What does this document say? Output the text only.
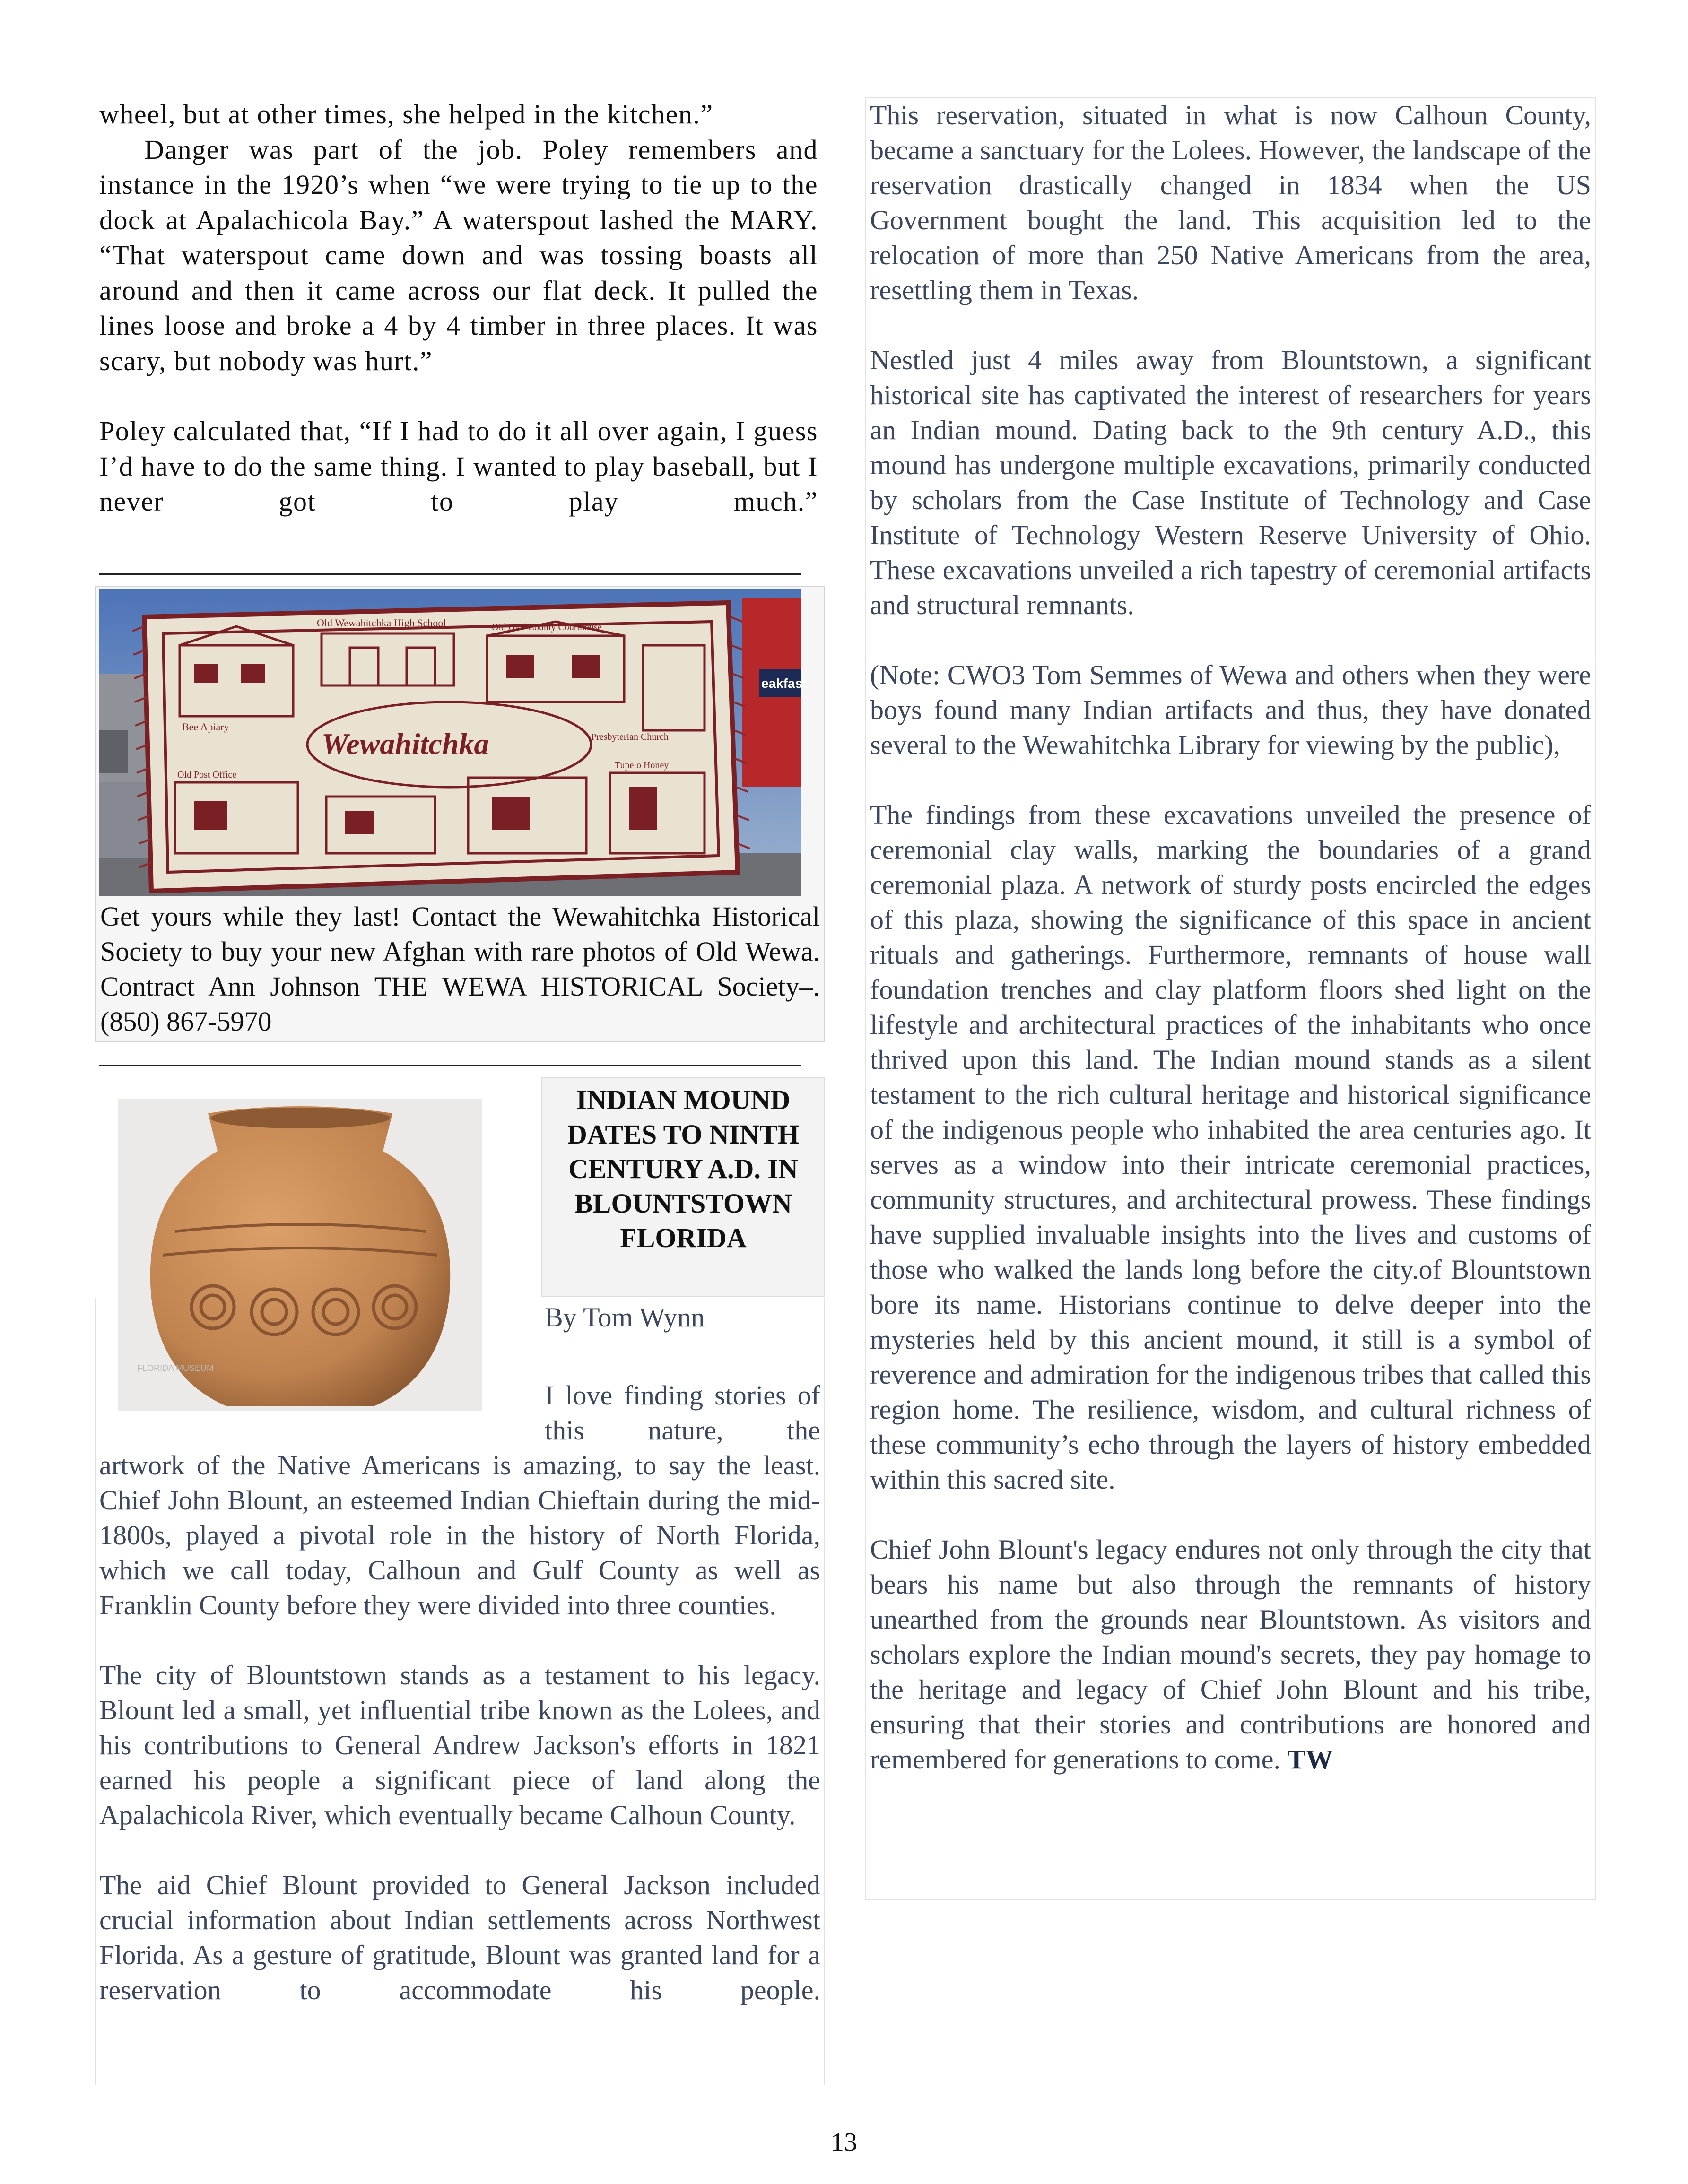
wheel, but at other times, she helped in the kitchen.”

Danger was part of the job. Poley remembers and instance in the 1920’s when “we were trying to tie up to the dock at Apalachicola Bay.” A waterspout lashed the MARY. “That waterspout came down and was tossing boasts all around and then it came across our flat deck. It pulled the lines loose and broke a 4 by 4 timber in three places. It was scary, but nobody was hurt.”

Poley calculated that, “If I had to do it all over again, I guess I’d have to do the same thing. I wanted to play baseball, but I never got to play much.”

eakfast
Old Wewahitchka High School	Old Gulf County Courthouse
Bee Apiary
Wewahitchka	Presbyterian Church
Old Post Office
Tupelo Honey
Get yours while they last! Contact the Wewahitchka Historical Society to buy your new Afghan with rare photos of Old Wewa. Contract Ann Johnson THE WEWA HISTORICAL Society–.(850) 867-5970
FLORIDA MUSEUM
INDIAN MOUND DATES TO NINTH CENTURY A.D. IN BLOUNTSTOWN FLORIDA
By Tom Wynn
I love finding stories of this nature, the

artwork of the Native Americans is amazing, to say the least. Chief John Blount, an esteemed Indian Chieftain during the mid-1800s, played a pivotal role in the history of North Florida, which we call today, Calhoun and Gulf County as well as Franklin County before they were divided into three counties.

The city of Blountstown stands as a testament to his legacy. Blount led a small, yet influential tribe known as the Lolees, and his contributions to General Andrew Jackson's efforts in 1821 earned his people a significant piece of land along the Apalachicola River, which eventually became Calhoun County.

The aid Chief Blount provided to General Jackson included crucial information about Indian settlements across Northwest Florida. As a gesture of gratitude, Blount was granted land for a reservation to accommodate his people.

This reservation, situated in what is now Calhoun County, became a sanctuary for the Lolees. However, the landscape of the reservation drastically changed in 1834 when the US Government bought the land. This acquisition led to the relocation of more than 250 Native Americans from the area, resettling them in Texas.

Nestled just 4 miles away from Blountstown, a significant historical site has captivated the interest of researchers for years an Indian mound. Dating back to the 9th century A.D., this mound has undergone multiple excavations, primarily conducted by scholars from the Case Institute of Technology and Case Institute of Technology Western Reserve University of Ohio. These excavations unveiled a rich tapestry of ceremonial artifacts and structural remnants.

(Note: CWO3 Tom Semmes of Wewa and others when they were boys found many Indian artifacts and thus, they have donated several to the Wewahitchka Library for viewing by the public),

The findings from these excavations unveiled the presence of ceremonial clay walls, marking the boundaries of a grand ceremonial plaza. A network of sturdy posts encircled the edges of this plaza, showing the significance of this space in ancient rituals and gatherings. Furthermore, remnants of house wall foundation trenches and clay platform floors shed light on the lifestyle and architectural practices of the inhabitants who once thrived upon this land. The Indian mound stands as a silent testament to the rich cultural heritage and historical significance of the indigenous people who inhabited the area centuries ago. It serves as a window into their intricate ceremonial practices, community structures, and architectural prowess. These findings have supplied invaluable insights into the lives and customs of those who walked the lands long before the city.of Blountstown bore its name. Historians continue to delve deeper into the mysteries held by this ancient mound, it still is a symbol of reverence and admiration for the indigenous tribes that called this region home. The resilience, wisdom, and cultural richness of these community’s echo through the layers of history embedded within this sacred site.

Chief John Blount's legacy endures not only through the city that bears his name but also through the remnants of history unearthed from the grounds near Blountstown. As visitors and scholars explore the Indian mound's secrets, they pay homage to the heritage and legacy of Chief John Blount and his tribe, ensuring that their stories and contributions are honored and remembered for generations to come. TW

13
